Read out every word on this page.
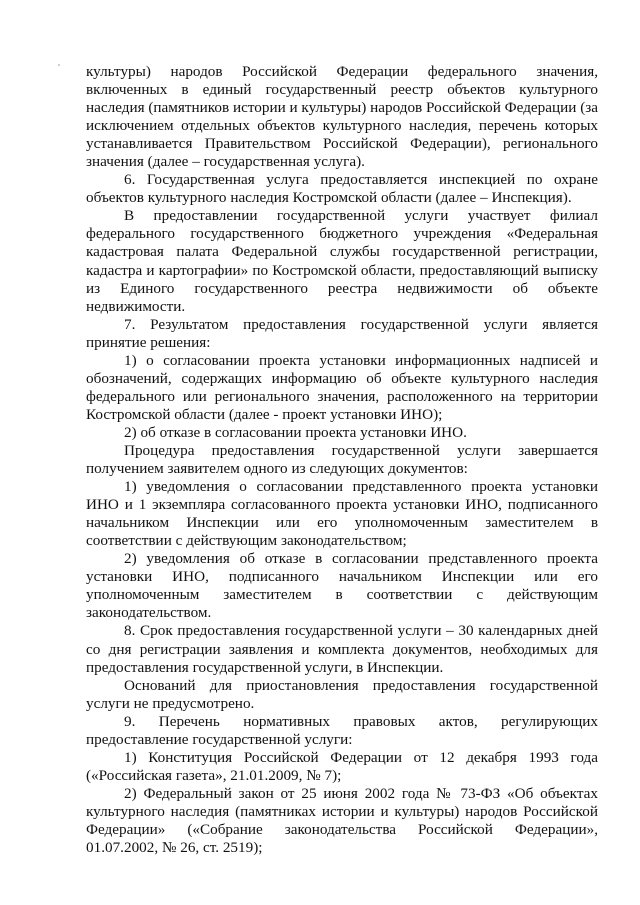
культуры) народов Российской Федерации федерального значения, включенных в единый государственный реестр объектов культурного наследия (памятников истории и культуры) народов Российской Федерации (за исключением отдельных объектов культурного наследия, перечень которых устанавливается Правительством Российской Федерации), регионального значения (далее – государственная услуга).

6. Государственная услуга предоставляется инспекцией по охране объектов культурного наследия Костромской области (далее – Инспекция).

В предоставлении государственной услуги участвует филиал федерального государственного бюджетного учреждения «Федеральная кадастровая палата Федеральной службы государственной регистрации, кадастра и картографии» по Костромской области, предоставляющий выписку из Единого государственного реестра недвижимости об объекте недвижимости.

7. Результатом предоставления государственной услуги является принятие решения:

1) о согласовании проекта установки информационных надписей и обозначений, содержащих информацию об объекте культурного наследия федерального или регионального значения, расположенного на территории Костромской области (далее - проект установки ИНО);

2) об отказе в согласовании проекта установки ИНО.

Процедура предоставления государственной услуги завершается получением заявителем одного из следующих документов:

1) уведомления о согласовании представленного проекта установки ИНО и 1 экземпляра согласованного проекта установки ИНО, подписанного начальником Инспекции или его уполномоченным заместителем в соответствии с действующим законодательством;

2) уведомления об отказе в согласовании представленного проекта установки ИНО, подписанного начальником Инспекции или его уполномоченным заместителем в соответствии с действующим законодательством.

8. Срок предоставления государственной услуги – 30 календарных дней со дня регистрации заявления и комплекта документов, необходимых для предоставления государственной услуги, в Инспекции.

Оснований для приостановления предоставления государственной услуги не предусмотрено.

9. Перечень нормативных правовых актов, регулирующих предоставление государственной услуги:

1) Конституция Российской Федерации от 12 декабря 1993 года («Российская газета», 21.01.2009, № 7);

2) Федеральный закон от 25 июня 2002 года № 73-ФЗ «Об объектах культурного наследия (памятниках истории и культуры) народов Российской Федерации» («Собрание законодательства Российской Федерации», 01.07.2002, № 26, ст. 2519);
